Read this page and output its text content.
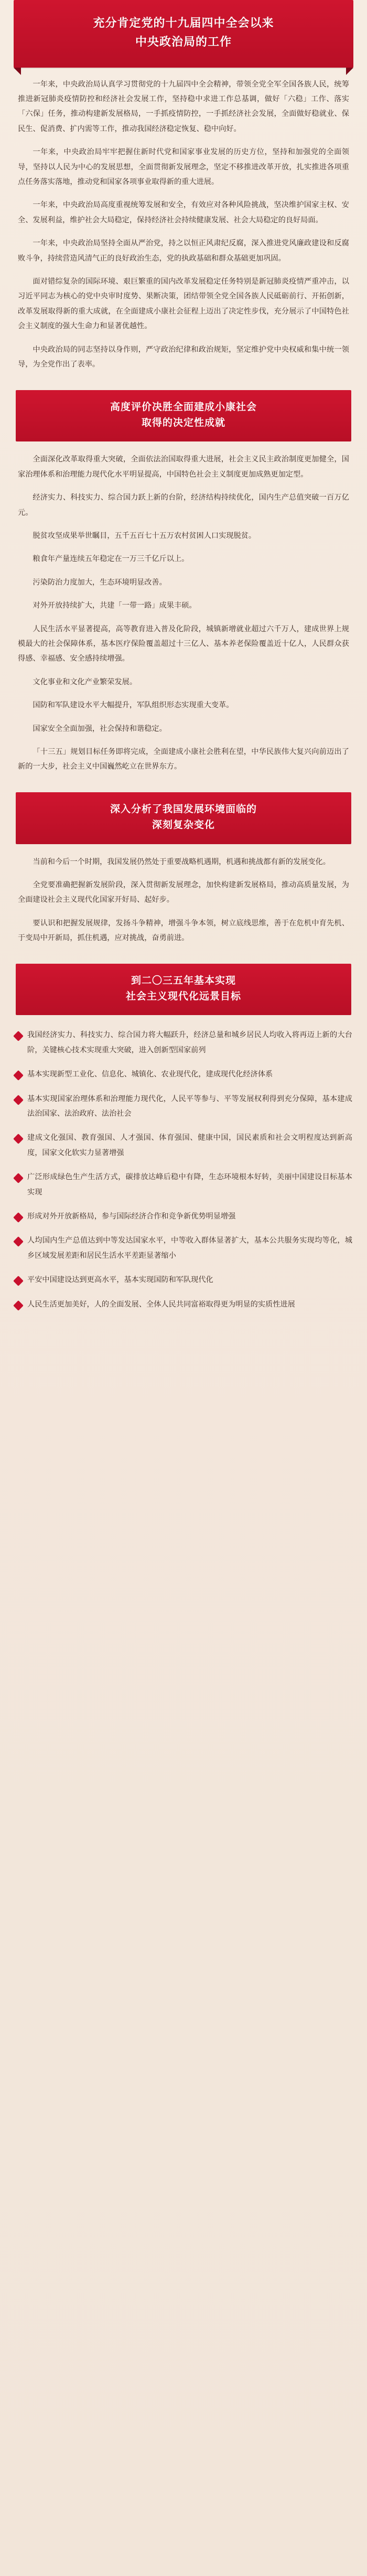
充分肯定党的十九届四中全会以来
中央政治局的工作

一年来，中央政治局认真学习贯彻党的十九届四中全会精神，带领全党全军全国各族人民，统筹推进新冠肺炎疫情防控和经济社会发展工作，坚持稳中求进工作总基调，做好「六稳」工作、落实「六保」任务，推动构建新发展格局，一手抓疫情防控，一手抓经济社会发展，全面做好稳就业、保民生、促消费、扩内需等工作，推动我国经济稳定恢复、稳中向好。

一年来，中央政治局牢牢把握住新时代党和国家事业发展的历史方位，坚持和加强党的全面领导，坚持以人民为中心的发展思想，全面贯彻新发展理念，坚定不移推进改革开放，扎实推进各项重点任务落实落地，推动党和国家各项事业取得新的重大进展。

一年来，中央政治局高度重视统筹发展和安全，有效应对各种风险挑战，坚决维护国家主权、安全、发展利益，维护社会大局稳定，保持经济社会持续健康发展、社会大局稳定的良好局面。

一年来，中央政治局坚持全面从严治党，持之以恒正风肃纪反腐，深入推进党风廉政建设和反腐败斗争，持续营造风清气正的良好政治生态，党的执政基础和群众基础更加巩固。

面对错综复杂的国际环境、艰巨繁重的国内改革发展稳定任务特别是新冠肺炎疫情严重冲击，以习近平同志为核心的党中央审时度势、果断决策，团结带领全党全国各族人民砥砺前行、开拓创新，改革发展取得新的重大成就，在全面建成小康社会征程上迈出了决定性步伐，充分展示了中国特色社会主义制度的强大生命力和显著优越性。

中央政治局的同志坚持以身作则，严守政治纪律和政治规矩，坚定维护党中央权威和集中统一领导，为全党作出了表率。

高度评价决胜全面建成小康社会
取得的决定性成就

全面深化改革取得重大突破，全面依法治国取得重大进展，社会主义民主政治制度更加健全，国家治理体系和治理能力现代化水平明显提高，中国特色社会主义制度更加成熟更加定型。

经济实力、科技实力、综合国力跃上新的台阶，经济结构持续优化，国内生产总值突破一百万亿元。

脱贫攻坚成果举世瞩目，五千五百七十五万农村贫困人口实现脱贫。

粮食年产量连续五年稳定在一万三千亿斤以上。

污染防治力度加大，生态环境明显改善。

对外开放持续扩大，共建「一带一路」成果丰硕。

人民生活水平显著提高，高等教育进入普及化阶段，城镇新增就业超过六千万人，建成世界上规模最大的社会保障体系，基本医疗保险覆盖超过十三亿人、基本养老保险覆盖近十亿人，人民群众获得感、幸福感、安全感持续增强。

文化事业和文化产业繁荣发展。

国防和军队建设水平大幅提升，军队组织形态实现重大变革。

国家安全全面加强，社会保持和谐稳定。

「十三五」规划目标任务即将完成，全面建成小康社会胜利在望，中华民族伟大复兴向前迈出了新的一大步，社会主义中国巍然屹立在世界东方。

深入分析了我国发展环境面临的
深刻复杂变化

当前和今后一个时期，我国发展仍然处于重要战略机遇期，机遇和挑战都有新的发展变化。

全党要准确把握新发展阶段，深入贯彻新发展理念，加快构建新发展格局，推动高质量发展，为全面建设社会主义现代化国家开好局、起好步。

要认识和把握发展规律，发扬斗争精神，增强斗争本领，树立底线思维，善于在危机中育先机、于变局中开新局，抓住机遇，应对挑战，奋勇前进。

到二〇三五年基本实现
社会主义现代化远景目标
我国经济实力、科技实力、综合国力将大幅跃升，经济总量和城乡居民人均收入将再迈上新的大台阶，关键核心技术实现重大突破，进入创新型国家前列
基本实现新型工业化、信息化、城镇化、农业现代化，建成现代化经济体系
基本实现国家治理体系和治理能力现代化，人民平等参与、平等发展权利得到充分保障，基本建成法治国家、法治政府、法治社会
建成文化强国、教育强国、人才强国、体育强国、健康中国，国民素质和社会文明程度达到新高度，国家文化软实力显著增强
广泛形成绿色生产生活方式，碳排放达峰后稳中有降，生态环境根本好转，美丽中国建设目标基本实现
形成对外开放新格局，参与国际经济合作和竞争新优势明显增强
人均国内生产总值达到中等发达国家水平，中等收入群体显著扩大，基本公共服务实现均等化，城乡区域发展差距和居民生活水平差距显著缩小
平安中国建设达到更高水平，基本实现国防和军队现代化
人民生活更加美好，人的全面发展、全体人民共同富裕取得更为明显的实质性进展
